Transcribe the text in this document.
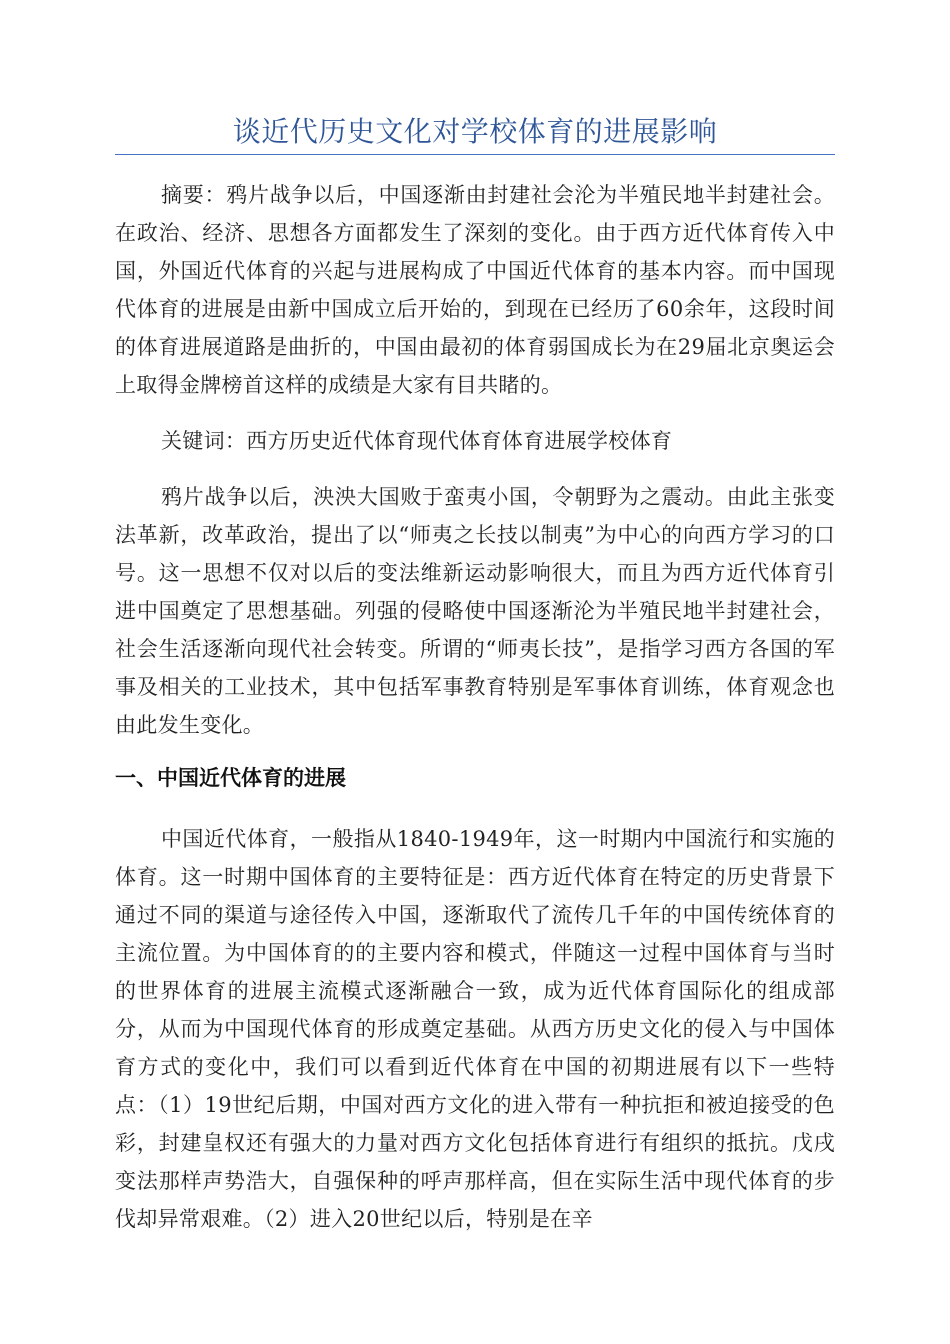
谈近代历史文化对学校体育的进展影响

摘要：鸦片战争以后，中国逐渐由封建社会沦为半殖民地半封建社会。在政治、经济、思想各方面都发生了深刻的变化。由于西方近代体育传入中国，外国近代体育的兴起与进展构成了中国近代体育的基本内容。而中国现代体育的进展是由新中国成立后开始的，到现在已经历了60余年，这段时间的体育进展道路是曲折的，中国由最初的体育弱国成长为在29届北京奥运会上取得金牌榜首这样的成绩是大家有目共睹的。

关键词：西方历史近代体育现代体育体育进展学校体育

鸦片战争以后，泱泱大国败于蛮夷小国，令朝野为之震动。由此主张变法革新，改革政治，提出了以“师夷之长技以制夷”为中心的向西方学习的口号。这一思想不仅对以后的变法维新运动影响很大，而且为西方近代体育引进中国奠定了思想基础。列强的侵略使中国逐渐沦为半殖民地半封建社会，社会生活逐渐向现代社会转变。所谓的“师夷长技”，是指学习西方各国的军事及相关的工业技术，其中包括军事教育特别是军事体育训练，体育观念也由此发生变化。

一、中国近代体育的进展

中国近代体育，一般指从1840-1949年，这一时期内中国流行和实施的体育。这一时期中国体育的主要特征是：西方近代体育在特定的历史背景下通过不同的渠道与途径传入中国，逐渐取代了流传几千年的中国传统体育的主流位置。为中国体育的的主要内容和模式，伴随这一过程中国体育与当时的世界体育的进展主流模式逐渐融合一致，成为近代体育国际化的组成部分，从而为中国现代体育的形成奠定基础。从西方历史文化的侵入与中国体育方式的变化中，我们可以看到近代体育在中国的初期进展有以下一些特点：（1）19世纪后期，中国对西方文化的进入带有一种抗拒和被迫接受的色彩，封建皇权还有强大的力量对西方文化包括体育进行有组织的抵抗。戊戌变法那样声势浩大，自强保种的呼声那样高，但在实际生活中现代体育的步伐却异常艰难。（2）进入20世纪以后，特别是在辛
